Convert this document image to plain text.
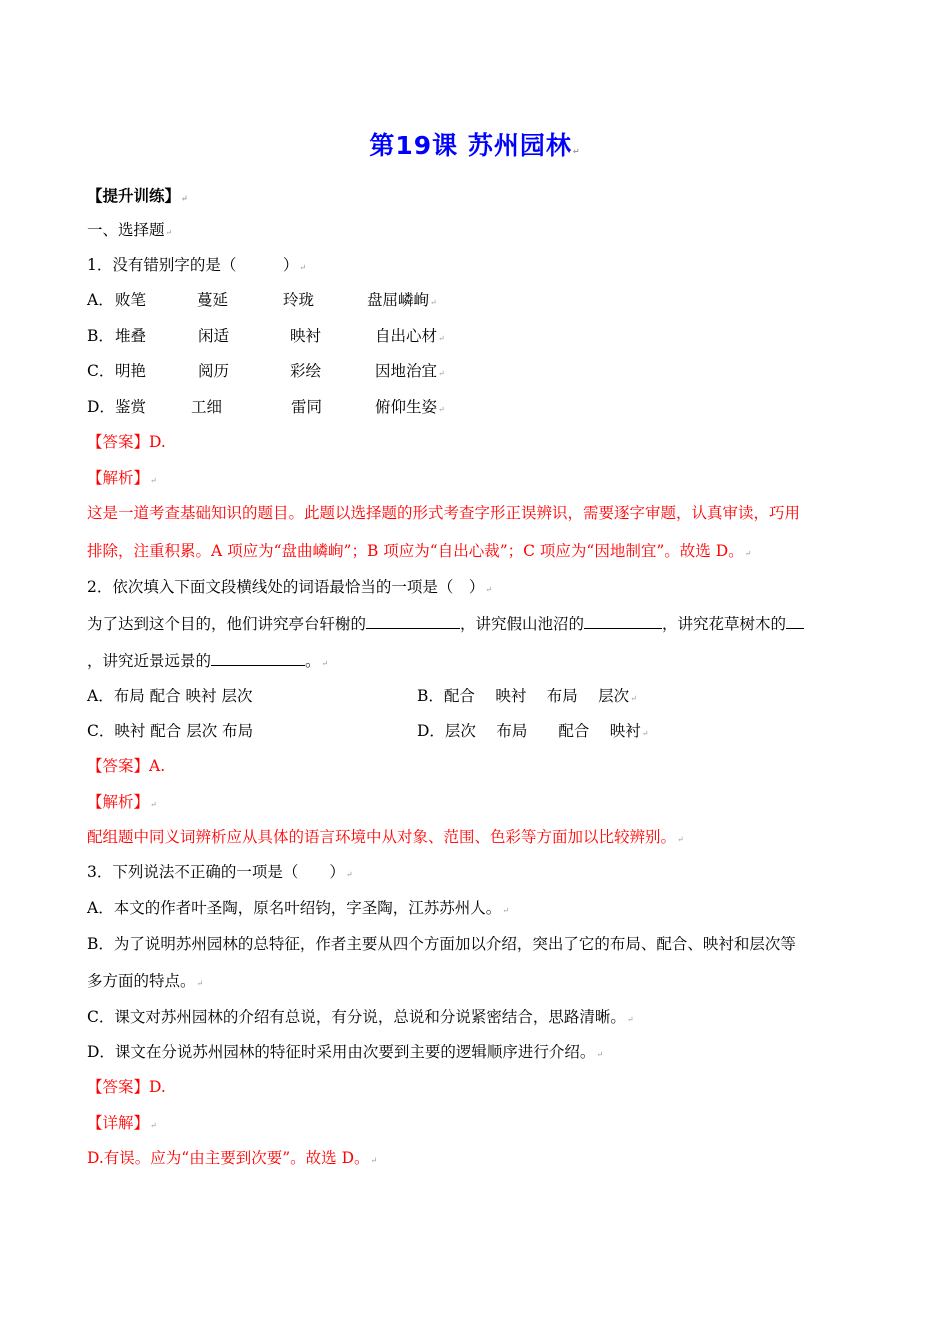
第19课 苏州园林↵
【提升训练】↵
一、选择题↵
1．没有错别字的是（　　　）↵
A． 败笔	蔓延	玲珑	盘屈嶙峋↵
B． 堆叠	闲适	映衬	自出心材↵
C． 明艳	阅历	彩绘	因地治宜↵
D． 鉴赏	工细	雷同	俯仰生姿↵
【答案】D.
【解析】↵
这是一道考查基础知识的题目。此题以选择题的形式考查字形正误辨识，需要逐字审题，认真审读，巧用
排除，注重积累。A 项应为“盘曲嶙峋”；B 项应为“自出心裁”；C 项应为“因地制宜”。故选 D。↵
2．依次填入下面文段横线处的词语最恰当的一项是（　）↵
为了达到这个目的，他们讲究亭台轩榭的	，讲究假山池沼的	，讲究花草树木的
，讲究近景远景的	。↵
A．布局 配合 映衬 层次	B．配合　 映衬　 布局　 层次↵
C．映衬 配合 层次 布局	D．层次　 布局　　配合　 映衬↵
【答案】A.
【解析】↵
配组题中同义词辨析应从具体的语言环境中从对象、范围、色彩等方面加以比较辨别。↵
3．下列说法不正确的一项是（　　）↵
A．本文的作者叶圣陶，原名叶绍钧，字圣陶，江苏苏州人。↵
B．为了说明苏州园林的总特征，作者主要从四个方面加以介绍，突出了它的布局、配合、映衬和层次等
多方面的特点。↵
C．课文对苏州园林的介绍有总说，有分说，总说和分说紧密结合，思路清晰。↵
D．课文在分说苏州园林的特征时采用由次要到主要的逻辑顺序进行介绍。↵
【答案】D.
【详解】↵
D.有误。应为“由主要到次要”。故选 D。↵
